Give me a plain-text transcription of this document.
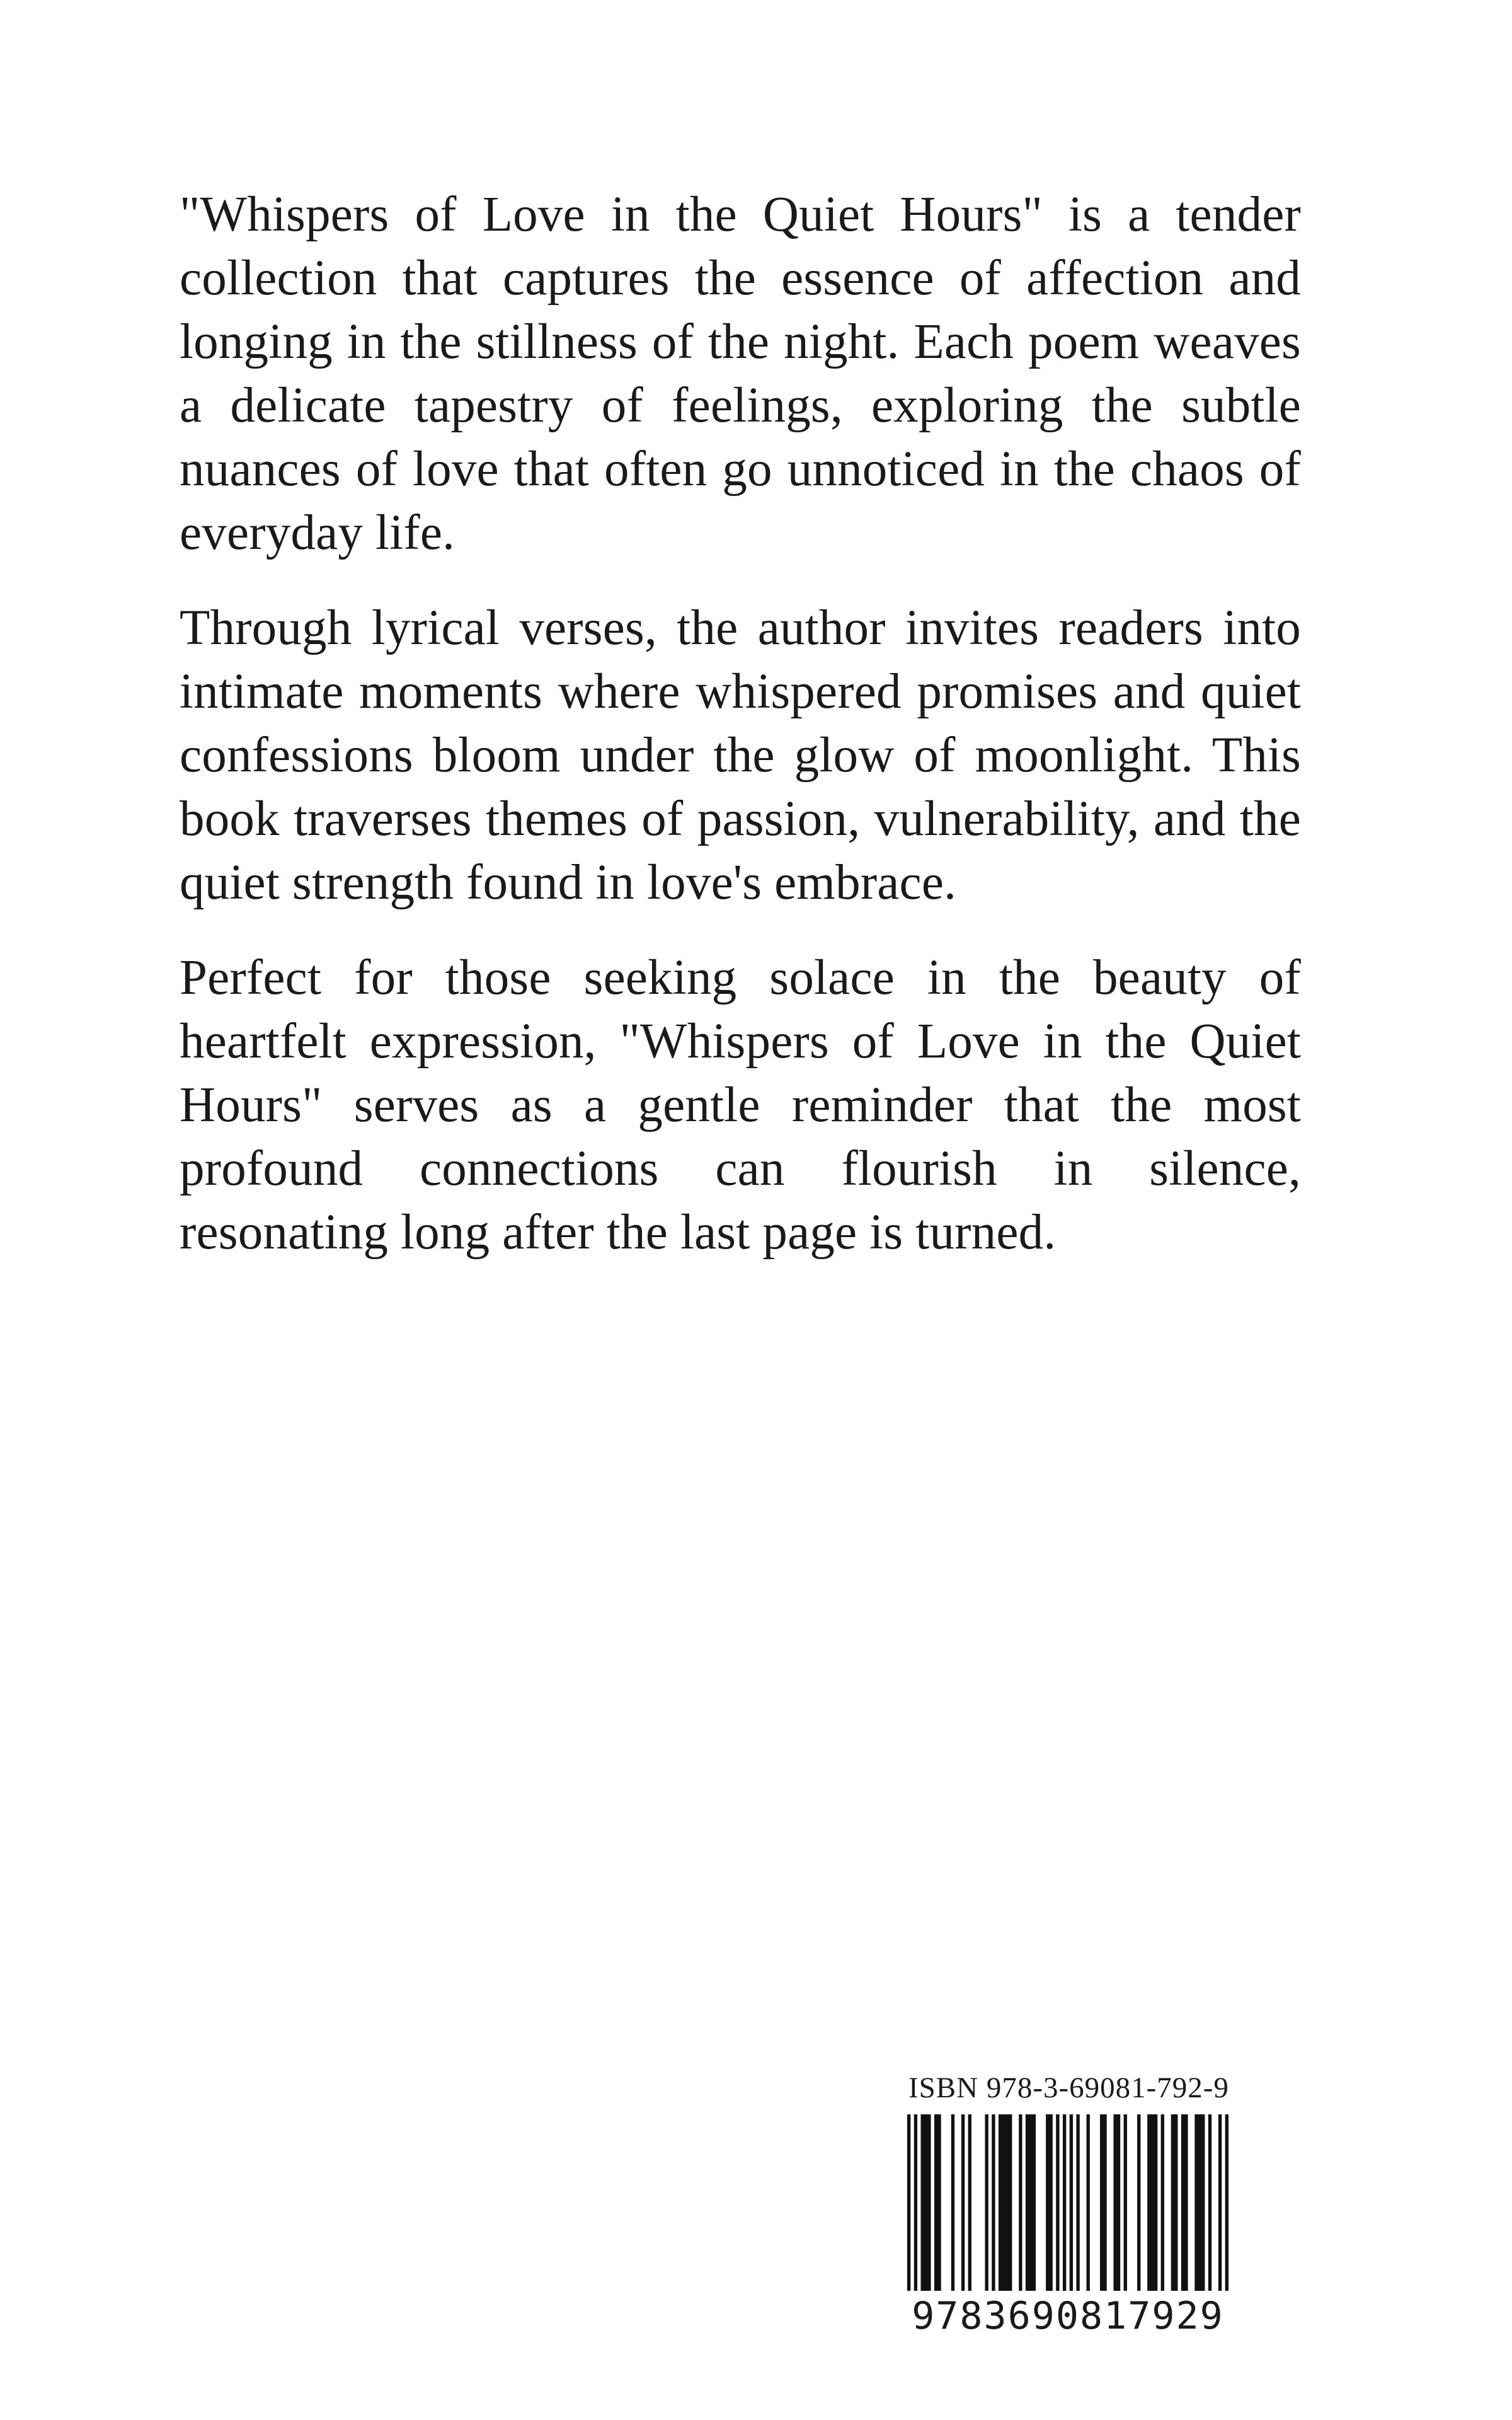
"Whispers of Love in the Quiet Hours" is a tender collection that captures the essence of affection and longing in the stillness of the night. Each poem weaves a delicate tapestry of feelings, exploring the subtle nuances of love that often go unnoticed in the chaos of everyday life.

Through lyrical verses, the author invites readers into intimate moments where whispered promises and quiet confessions bloom under the glow of moonlight. This book traverses themes of passion, vulnerability, and the quiet strength found in love's embrace.

Perfect for those seeking solace in the beauty of heartfelt expression, "Whispers of Love in the Quiet Hours" serves as a gentle reminder that the most profound connections can flourish in silence, resonating long after the last page is turned.

ISBN 978-3-69081-792-9
9783690817929
